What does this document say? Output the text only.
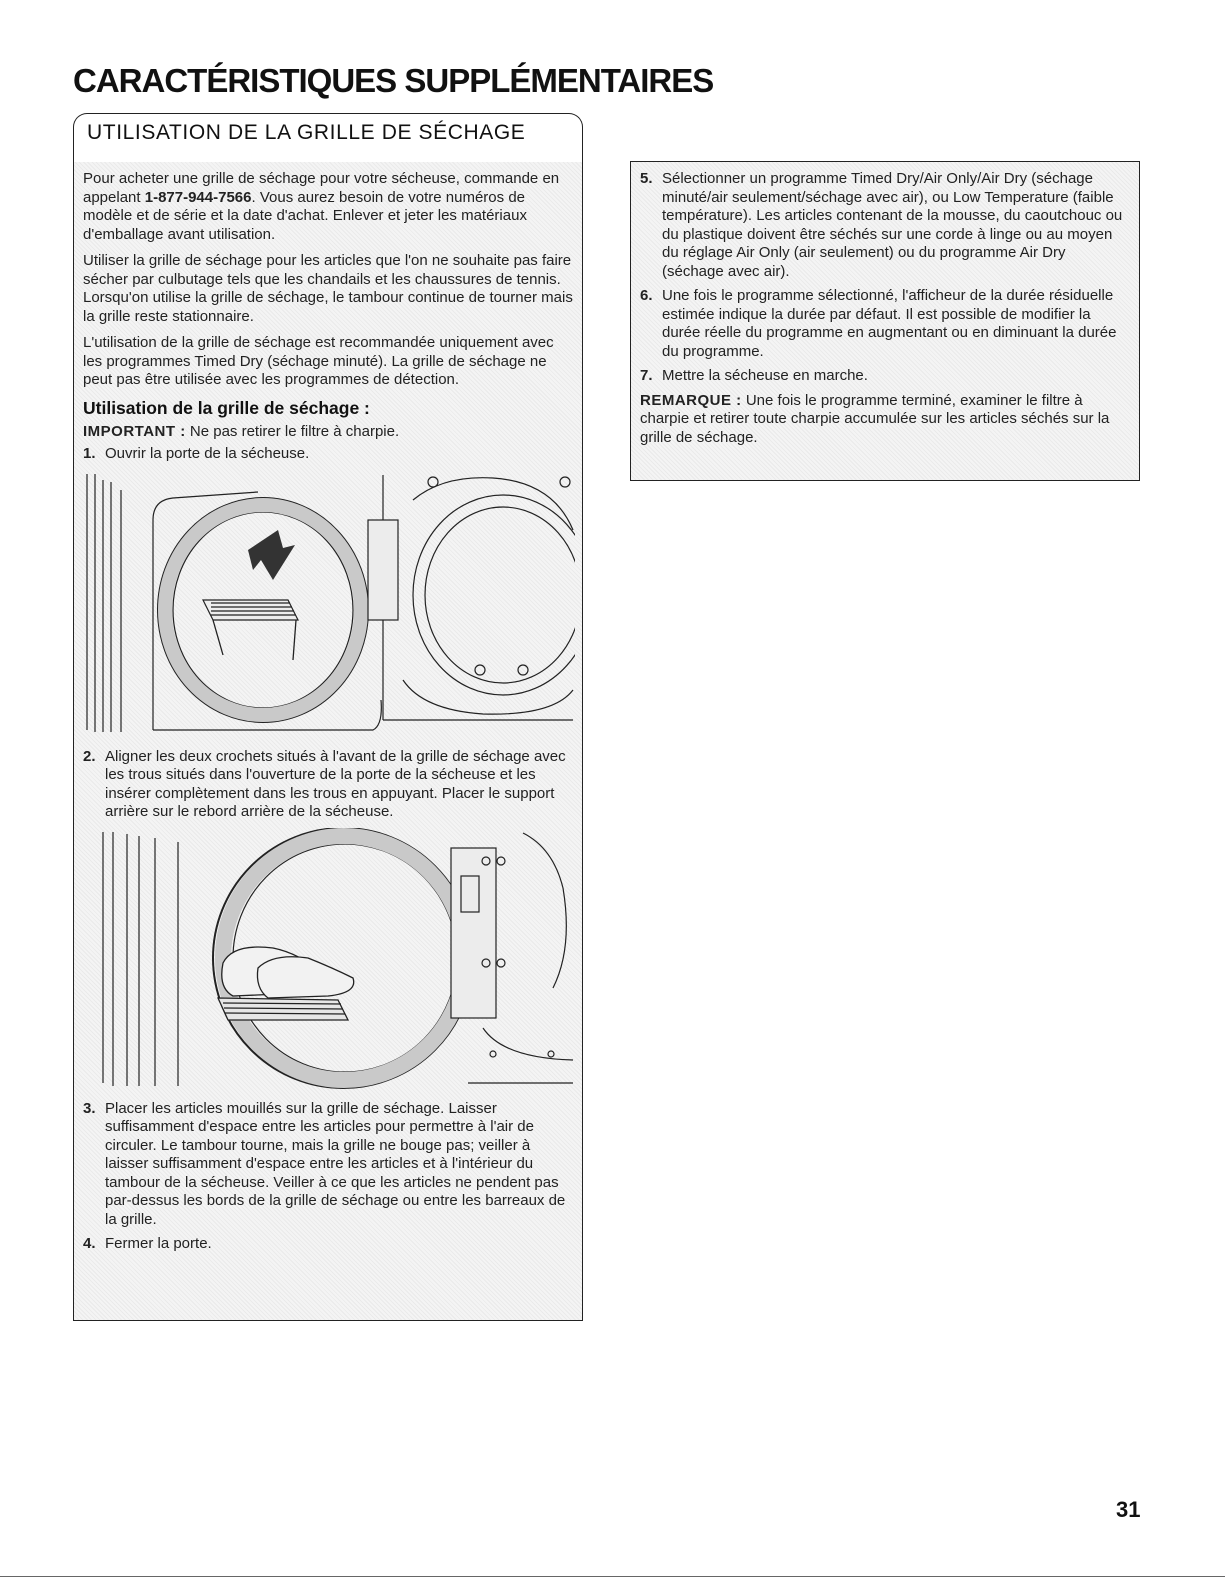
CARACTÉRISTIQUES SUPPLÉMENTAIRES

Pour acheter une grille de séchage pour votre sécheuse, commande en appelant 1-877-944-7566. Vous aurez besoin de votre numéros de modèle et de série et la date d'achat. Enlever et jeter les matériaux d'emballage avant utilisation.

Utiliser la grille de séchage pour les articles que l'on ne souhaite pas faire sécher par culbutage tels que les chandails et les chaussures de tennis. Lorsqu'on utilise la grille de séchage, le tambour continue de tourner mais la grille reste stationnaire.

L'utilisation de la grille de séchage est recommandée uniquement avec les programmes Timed Dry (séchage minuté). La grille de séchage ne peut pas être utilisée avec les programmes de détection.

Utilisation de la grille de séchage :

IMPORTANT : Ne pas retirer le filtre à charpie.

1. Ouvrir la porte de la sécheuse.
2. Aligner les deux crochets situés à l'avant de la grille de séchage avec les trous situés dans l'ouverture de la porte de la sécheuse et les insérer complètement dans les trous en appuyant. Placer le support arrière sur le rebord arrière de la sécheuse.
3. Placer les articles mouillés sur la grille de séchage. Laisser suffisamment d'espace entre les articles pour permettre à l'air de circuler. Le tambour tourne, mais la grille ne bouge pas; veiller à laisser suffisamment d'espace entre les articles et à l'intérieur du tambour de la sécheuse. Veiller à ce que les articles ne pendent pas par-dessus les bords de la grille de séchage ou entre les barreaux de la grille.
4. Fermer la porte.
UTILISATION DE LA GRILLE DE SÉCHAGE
5. Sélectionner un programme Timed Dry/Air Only/Air Dry (séchage minuté/air seulement/séchage avec air), ou Low Temperature (faible température). Les articles contenant de la mousse, du caoutchouc ou du plastique doivent être séchés sur une corde à linge ou au moyen du réglage Air Only (air seulement) ou du programme Air Dry (séchage avec air).
6. Une fois le programme sélectionné, l'afficheur de la durée résiduelle estimée indique la durée par défaut. Il est possible de modifier la durée réelle du programme en augmentant ou en diminuant la durée du programme.
7. Mettre la sécheuse en marche.

REMARQUE : Une fois le programme terminé, examiner le filtre à charpie et retirer toute charpie accumulée sur les articles séchés sur la grille de séchage.

31
